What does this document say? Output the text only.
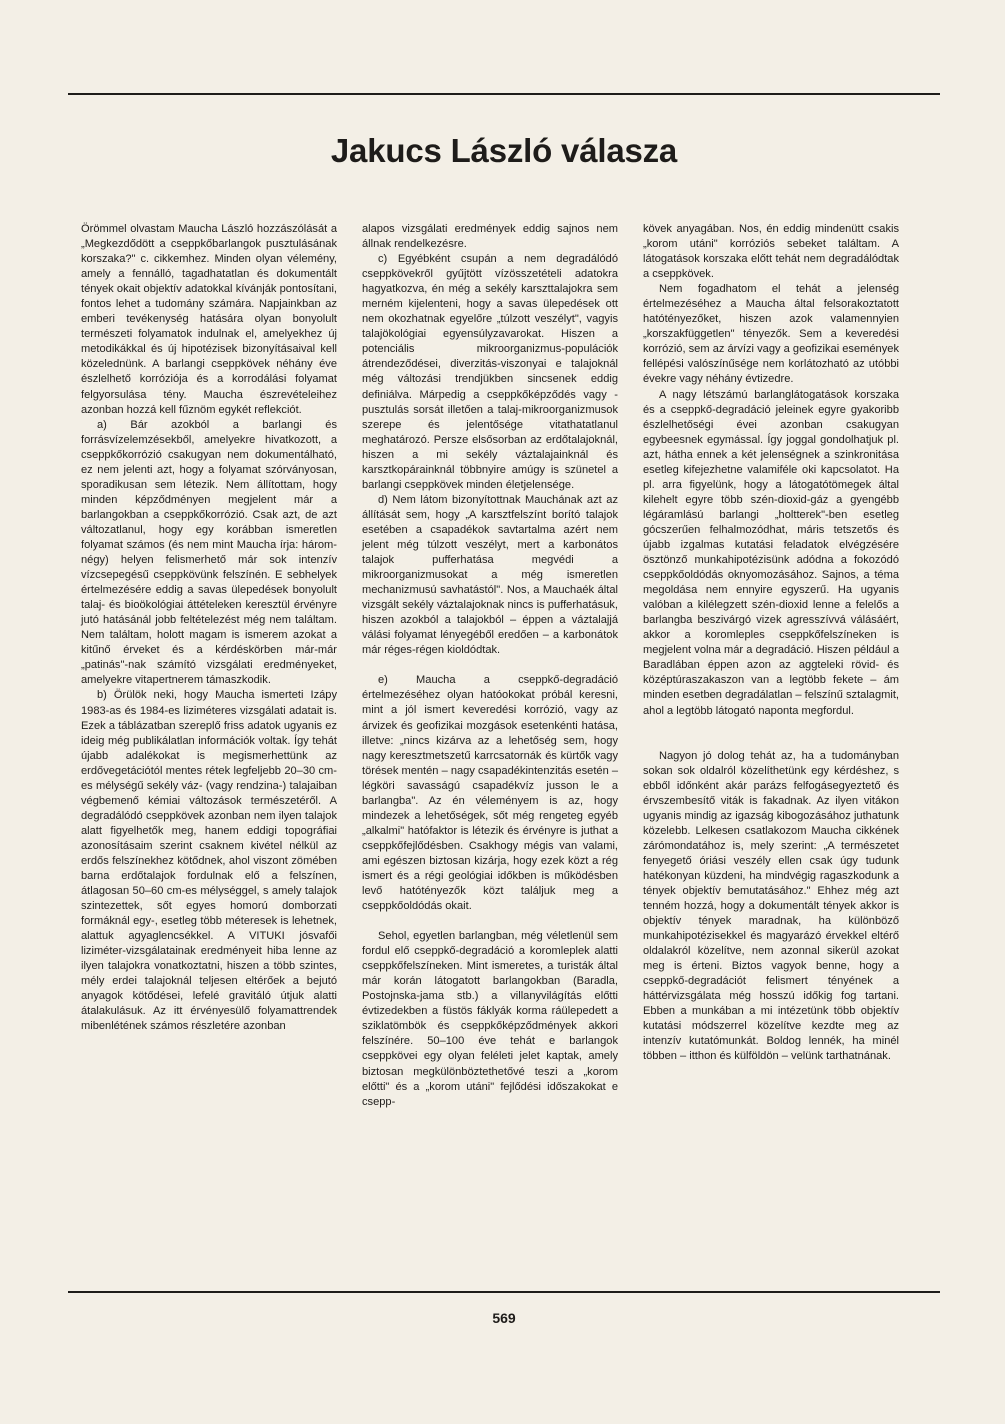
Jakucs László válasza

Örömmel olvastam Maucha László hozzászólását a „Megkezdődött a cseppkőbarlangok pusztulásának korszaka?" c. cikkemhez. Minden olyan vélemény, amely a fennálló, tagadhatatlan és dokumentált tények okait objektív adatokkal kívánják pontosítani, fontos lehet a tudomány számára. Napjainkban az emberi tevékenység hatására olyan bonyolult természeti folyamatok indulnak el, amelyekhez új metodikákkal és új hipotézisek bizonyításaival kell közelednünk. A barlangi cseppkövek néhány éve észlelhető korróziója és a korrodálási folyamat felgyorsulása tény. Maucha észrevételeihez azonban hozzá kell fűznöm egykét reflekciót.

a) Bár azokból a barlangi és forrásvízelemzésekből, amelyekre hivatkozott, a cseppkőkorrózió csakugyan nem dokumentálható, ez nem jelenti azt, hogy a folyamat szórványosan, sporadikusan sem létezik. Nem állítottam, hogy minden képződményen megjelent már a barlangokban a cseppkőkorrózió. Csak azt, de azt változatlanul, hogy egy korábban ismeretlen folyamat számos (és nem mint Maucha írja: három-négy) helyen felismerhető már sok intenzív vízcsepegésű cseppkövünk felszínén. E sebhelyek értelmezésére eddig a savas ülepedések bonyolult talaj- és bioökológiai áttételeken keresztül érvényre jutó hatásánál jobb feltételezést még nem találtam. Nem találtam, holott magam is ismerem azokat a kitűnő érveket és a kérdéskörben már-már „patinás"-nak számító vizsgálati eredményeket, amelyekre vitapertnerem támaszkodik.

b) Örülök neki, hogy Maucha ismerteti Izápy 1983-as és 1984-es liziméteres vizsgálati adatait is. Ezek a táblázatban szereplő friss adatok ugyanis ez ideig még publikálatlan információk voltak. Így tehát újabb adalékokat is megismerhettünk az erdővegetációtól mentes rétek legfeljebb 20–30 cm-es mélységű sekély váz- (vagy rendzina-) talajaiban végbemenő kémiai változások természetéről. A degradálódó cseppkövek azonban nem ilyen talajok alatt figyelhetők meg, hanem eddigi topográfiai azonosításaim szerint csaknem kivétel nélkül az erdős felszínekhez kötődnek, ahol viszont zömében barna erdőtalajok fordulnak elő a felszínen, átlagosan 50–60 cm-es mélységgel, s amely talajok szintezettek, sőt egyes homorú domborzati formáknál egy-, esetleg több méteresek is lehetnek, alattuk agyaglencsékkel. A VITUKI jósvafői liziméter-vizsgálatainak eredményeit hiba lenne az ilyen talajokra vonatkoztatni, hiszen a több szintes, mély erdei talajoknál teljesen eltérőek a bejutó anyagok kötődései, lefelé gravitáló útjuk alatti átalakulásuk. Az itt érvényesülő folyamattrendek mibenlétének számos részletére azonban

alapos vizsgálati eredmények eddig sajnos nem állnak rendelkezésre.

c) Egyébként csupán a nem degradálódó cseppkövekről gyűjtött vízösszetételi adatokra hagyatkozva, én még a sekély karszttalajokra sem merném kijelenteni, hogy a savas ülepedések ott nem okozhatnak egyelőre „túlzott veszélyt", vagyis talajökológiai egyensúlyzavarokat. Hiszen a potenciális mikroorganizmus-populációk átrendeződései, diverzitás-viszonyai e talajoknál még változási trendjükben sincsenek eddig definiálva. Márpedig a cseppkőképződés vagy -pusztulás sorsát illetően a talaj-mikroorganizmusok szerepe és jelentősége vitathatatlanul meghatározó. Persze elsősorban az erdőtalajoknál, hiszen a mi sekély váztalajainknál és karsztkopárainknál többnyire amúgy is szünetel a barlangi cseppkövek minden életjelensége.

d) Nem látom bizonyítottnak Mauchának azt az állítását sem, hogy „A karsztfelszínt borító talajok esetében a csapadékok savtartalma azért nem jelent még túlzott veszélyt, mert a karbonátos talajok pufferhatása megvédi a mikroorganizmusokat a még ismeretlen mechanizmusú savhatástól". Nos, a Mauchaék által vizsgált sekély váztalajoknak nincs is pufferhatásuk, hiszen azokból a talajokból – éppen a váztalajjá válási folyamat lényegéből eredően – a karbonátok már réges-régen kioldódtak.

e) Maucha a cseppkő-degradáció értelmezéséhez olyan hatóokokat próbál keresni, mint a jól ismert keveredési korrózió, vagy az árvizek és geofizikai mozgások esetenkénti hatása, illetve: „nincs kizárva az a lehetőség sem, hogy nagy keresztmetszetű karrcsatornák és kürtők vagy törések mentén – nagy csapadékintenzitás esetén – légköri savasságú csapadékvíz jusson le a barlangba". Az én véleményem is az, hogy mindezek a lehetőségek, sőt még rengeteg egyéb „alkalmi" hatófaktor is létezik és érvényre is juthat a cseppkőfejlődésben. Csakhogy mégis van valami, ami egészen biztosan kizárja, hogy ezek közt a rég ismert és a régi geológiai időkben is működésben levő hatótényezők közt találjuk meg a cseppkőoldódás okait.

Sehol, egyetlen barlangban, még véletlenül sem fordul elő cseppkő-degradáció a koromleplek alatti cseppkőfelszíneken. Mint ismeretes, a turisták által már korán látogatott barlangokban (Baradla, Postojnska-jama stb.) a villanyvilágítás előtti évtizedekben a füstös fáklyák korma ráülepedett a sziklatömbök és cseppkőképződmények akkori felszínére. 50–100 éve tehát e barlangok cseppkövei egy olyan feléleti jelet kaptak, amely biztosan megkülönböztethetővé teszi a „korom előtti" és a „korom utáni" fejlődési időszakokat e csepp-

kövek anyagában. Nos, én eddig mindenütt csakis „korom utáni" korróziós sebeket találtam. A látogatások korszaka előtt tehát nem degradálódtak a cseppkövek.

Nem fogadhatom el tehát a jelenség értelmezéséhez a Maucha által felsorakoztatott hatótényezőket, hiszen azok valamennyien „korszakfüggetlen" tényezők. Sem a keveredési korrózió, sem az árvízi vagy a geofizikai események fellépési valószínűsége nem korlátozható az utóbbi évekre vagy néhány évtizedre.

A nagy létszámú barlanglátogatások korszaka és a cseppkő-degradáció jeleinek egyre gyakoribb észlelhetőségi évei azonban csakugyan egybeesnek egymással. Így joggal gondolhatjuk pl. azt, hátha ennek a két jelenségnek a szinkronitása esetleg kifejezhetne valamiféle oki kapcsolatot. Ha pl. arra figyelünk, hogy a látogatótömegek által kilehelt egyre több szén-dioxid-gáz a gyengébb légáramlású barlangi „holtterek"-ben esetleg gócszerűen felhalmozódhat, máris tetszetős és újabb izgalmas kutatási feladatok elvégzésére ösztönző munkahipotézisünk adódna a fokozódó cseppkőoldódás oknyomozásához. Sajnos, a téma megoldása nem ennyire egyszerű. Ha ugyanis valóban a kilélegzett szén-dioxid lenne a felelős a barlangba beszivárgó vizek agresszívvá válásáért, akkor a koromleples cseppkőfelszíneken is megjelent volna már a degradáció. Hiszen például a Baradlában éppen azon az aggteleki rövid- és középtúraszakaszon van a legtöbb fekete – ám minden esetben degradálatlan – felszínű sztalagmit, ahol a legtöbb látogató naponta megfordul.

Nagyon jó dolog tehát az, ha a tudományban sokan sok oldalról közelíthetünk egy kérdéshez, s ebből időnként akár parázs felfogásegyeztető és érvszembesítő viták is fakadnak. Az ilyen vitákon ugyanis mindig az igazság kibogozásához juthatunk közelebb. Lelkesen csatlakozom Maucha cikkének zárómondatához is, mely szerint: „A természetet fenyegető óriási veszély ellen csak úgy tudunk hatékonyan küzdeni, ha mindvégig ragaszkodunk a tények objektív bemutatásához." Ehhez még azt tenném hozzá, hogy a dokumentált tények akkor is objektív tények maradnak, ha különböző munkahipotézisekkel és magyarázó érvekkel eltérő oldalakról közelítve, nem azonnal sikerül azokat meg is érteni. Biztos vagyok benne, hogy a cseppkő-degradációt felismert tényének a háttérvizsgálata még hosszú időkig fog tartani. Ebben a munkában a mi intézetünk több objektív kutatási módszerrel közelítve kezdte meg az intenzív kutatómunkát. Boldog lennék, ha minél többen – itthon és külföldön – velünk tarthatnának.

569
